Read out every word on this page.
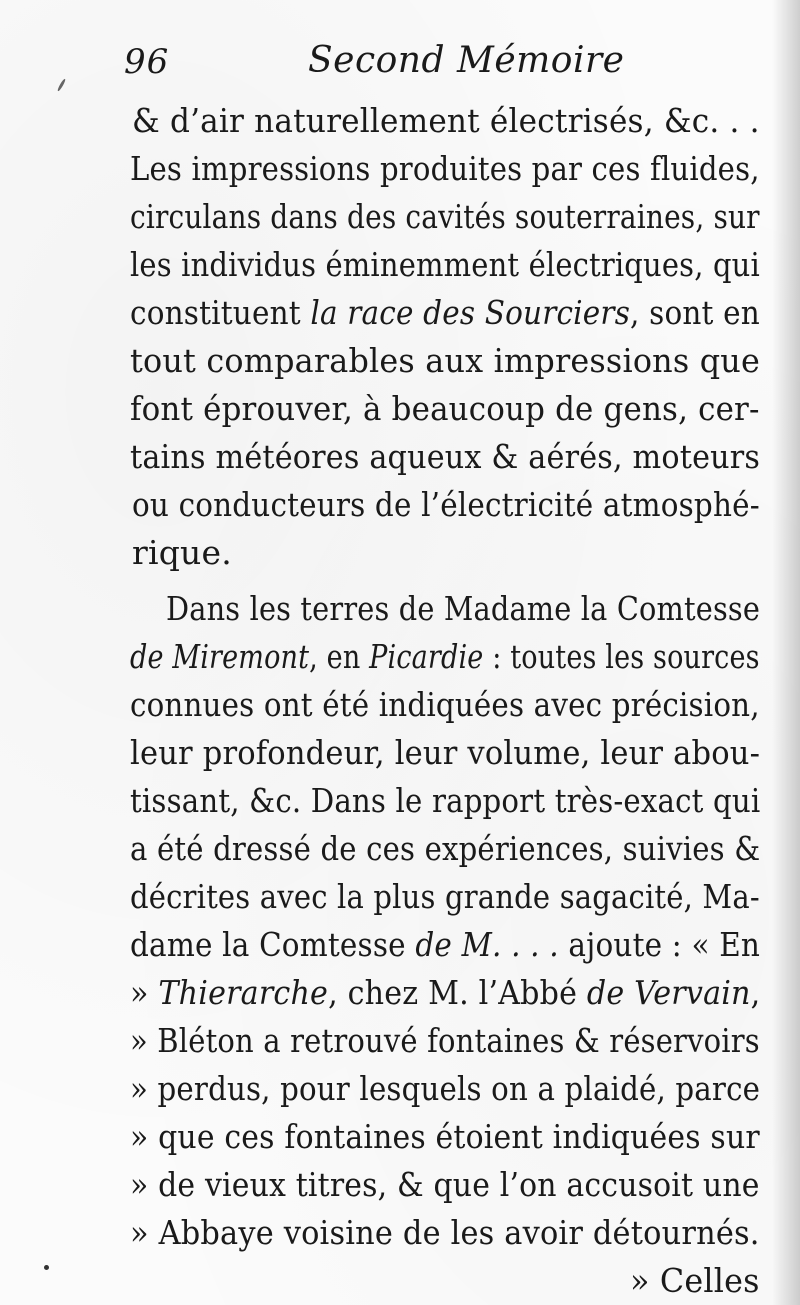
96	Second Mémoire
& d’air naturellement électrisés, &c. . .
Les impressions produites par ces fluides,
circulans dans des cavités souterraines, sur
les individus éminemment électriques, qui
constituent la race des Sourciers, sont en
tout comparables aux impressions que
font éprouver, à beaucoup de gens, cer-
tains météores aqueux & aérés, moteurs
ou conducteurs de l’électricité atmosphé-
rique.
Dans les terres de Madame la Comtesse
de Miremont, en Picardie : toutes les sources
connues ont été indiquées avec précision,
leur profondeur, leur volume, leur abou-
tissant, &c. Dans le rapport très-exact qui
a été dressé de ces expériences, suivies &
décrites avec la plus grande sagacité, Ma-
dame la Comtesse de M. . . . ajoute : « En
» Thierarche, chez M. l’Abbé de Vervain,
» Bléton a retrouvé fontaines & réservoirs
» perdus, pour lesquels on a plaidé, parce
» que ces fontaines étoient indiquées sur
» de vieux titres, & que l’on accusoit une
» Abbaye voisine de les avoir détournés.
» Celles
